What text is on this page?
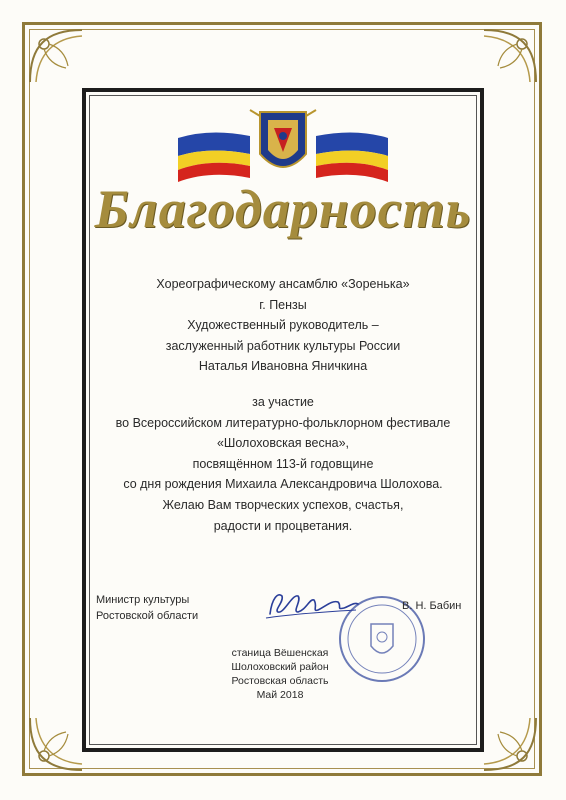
Благодарность
Хореографическому ансамблю «Зоренька»
г. Пензы
Художественный руководитель –
заслуженный работник культуры России
Наталья Ивановна Яничкина
за участие
во Всероссийском литературно-фольклорном фестивале
«Шолоховская весна»,
посвящённом 113-й годовщине
со дня рождения Михаила Александровича Шолохова.
Желаю Вам творческих успехов, счастья,
радости и процветания.
Министр культуры
Ростовской области
В. Н. Бабин
станица Вёшенская
Шолоховский район
Ростовская область
Май 2018
